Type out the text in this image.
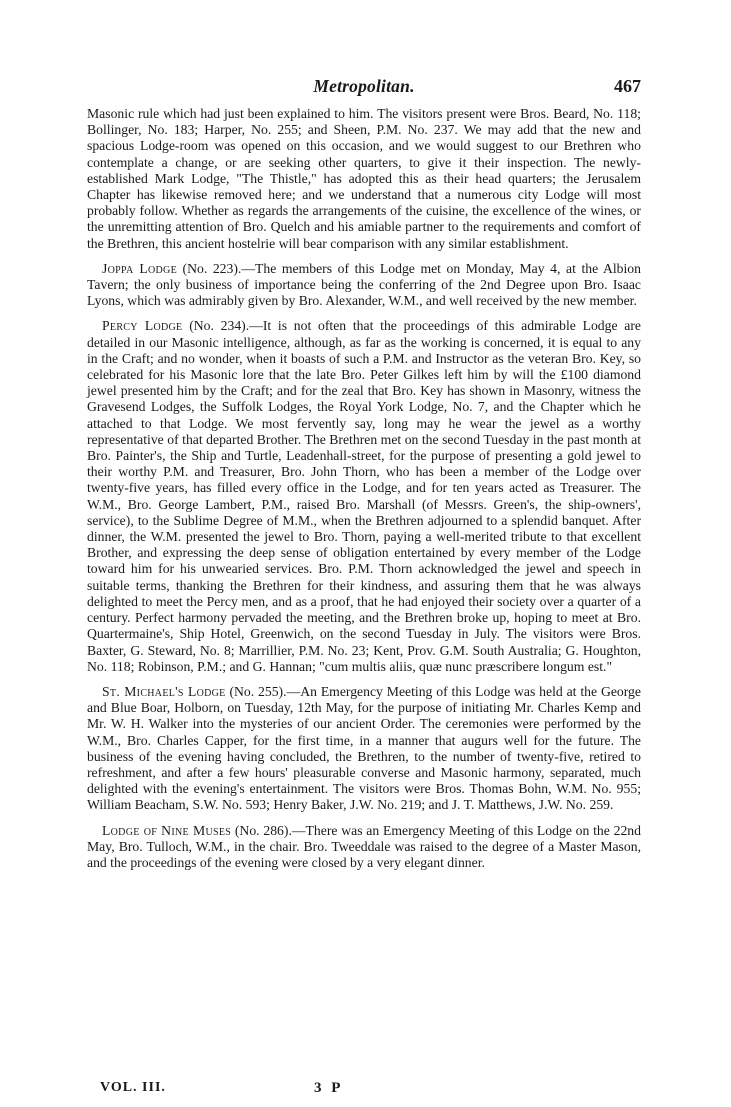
Metropolitan.	467

Masonic rule which had just been explained to him. The visitors present were Bros. Beard, No. 118; Bollinger, No. 183; Harper, No. 255; and Sheen, P.M. No. 237. We may add that the new and spacious Lodge-room was opened on this occasion, and we would suggest to our Brethren who contemplate a change, or are seeking other quarters, to give it their inspection. The newly-established Mark Lodge, "The Thistle," has adopted this as their head quarters; the Jerusalem Chapter has likewise removed here; and we understand that a numerous city Lodge will most probably follow. Whether as regards the arrangements of the cuisine, the excellence of the wines, or the unremitting attention of Bro. Quelch and his amiable partner to the requirements and comfort of the Brethren, this ancient hostelrie will bear comparison with any similar establishment.

Joppa Lodge (No. 223).—The members of this Lodge met on Monday, May 4, at the Albion Tavern; the only business of importance being the conferring of the 2nd Degree upon Bro. Isaac Lyons, which was admirably given by Bro. Alexander, W.M., and well received by the new member.

Percy Lodge (No. 234).—It is not often that the proceedings of this admirable Lodge are detailed in our Masonic intelligence, although, as far as the working is concerned, it is equal to any in the Craft; and no wonder, when it boasts of such a P.M. and Instructor as the veteran Bro. Key, so celebrated for his Masonic lore that the late Bro. Peter Gilkes left him by will the £100 diamond jewel presented him by the Craft; and for the zeal that Bro. Key has shown in Masonry, witness the Gravesend Lodges, the Suffolk Lodges, the Royal York Lodge, No. 7, and the Chapter which he attached to that Lodge. We most fervently say, long may he wear the jewel as a worthy representative of that departed Brother. The Brethren met on the second Tuesday in the past month at Bro. Painter's, the Ship and Turtle, Leadenhall-street, for the purpose of presenting a gold jewel to their worthy P.M. and Treasurer, Bro. John Thorn, who has been a member of the Lodge over twenty-five years, has filled every office in the Lodge, and for ten years acted as Treasurer. The W.M., Bro. George Lambert, P.M., raised Bro. Marshall (of Messrs. Green's, the ship-owners', service), to the Sublime Degree of M.M., when the Brethren adjourned to a splendid banquet. After dinner, the W.M. presented the jewel to Bro. Thorn, paying a well-merited tribute to that excellent Brother, and expressing the deep sense of obligation entertained by every member of the Lodge toward him for his unwearied services. Bro. P.M. Thorn acknowledged the jewel and speech in suitable terms, thanking the Brethren for their kindness, and assuring them that he was always delighted to meet the Percy men, and as a proof, that he had enjoyed their society over a quarter of a century. Perfect harmony pervaded the meeting, and the Brethren broke up, hoping to meet at Bro. Quartermaine's, Ship Hotel, Greenwich, on the second Tuesday in July. The visitors were Bros. Baxter, G. Steward, No. 8; Marrillier, P.M. No. 23; Kent, Prov. G.M. South Australia; G. Houghton, No. 118; Robinson, P.M.; and G. Hannan; "cum multis aliis, quæ nunc præscribere longum est."

St. Michael's Lodge (No. 255).—An Emergency Meeting of this Lodge was held at the George and Blue Boar, Holborn, on Tuesday, 12th May, for the purpose of initiating Mr. Charles Kemp and Mr. W. H. Walker into the mysteries of our ancient Order. The ceremonies were performed by the W.M., Bro. Charles Capper, for the first time, in a manner that augurs well for the future. The business of the evening having concluded, the Brethren, to the number of twenty-five, retired to refreshment, and after a few hours' pleasurable converse and Masonic harmony, separated, much delighted with the evening's entertainment. The visitors were Bros. Thomas Bohn, W.M. No. 955; William Beacham, S.W. No. 593; Henry Baker, J.W. No. 219; and J. T. Matthews, J.W. No. 259.

Lodge of Nine Muses (No. 286).—There was an Emergency Meeting of this Lodge on the 22nd May, Bro. Tulloch, W.M., in the chair. Bro. Tweeddale was raised to the degree of a Master Mason, and the proceedings of the evening were closed by a very elegant dinner.

VOL. III.	3 P
